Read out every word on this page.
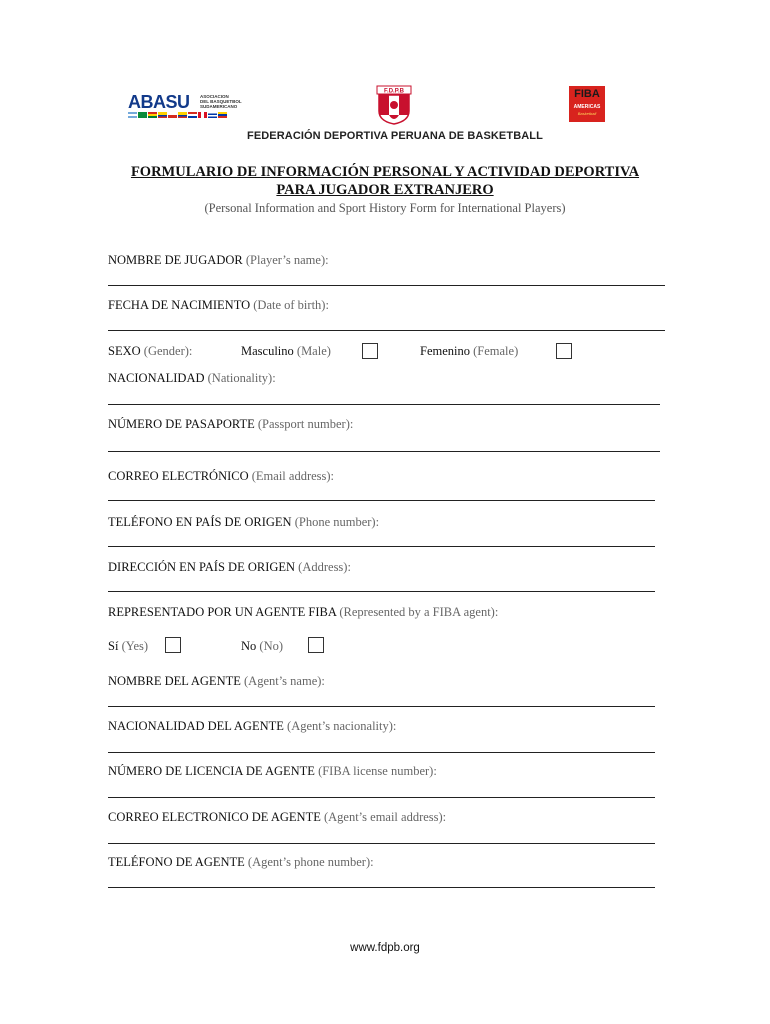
ABASU ASOCIACION
DEL BASQUETBOL
SUDAMERICANO
F.D.P.B	FIBA
AMERICAS
Basketball
FEDERACIÓN DEPORTIVA PERUANA DE BASKETBALL
FORMULARIO DE INFORMACIÓN PERSONAL Y ACTIVIDAD DEPORTIVA
PARA JUGADOR EXTRANJERO
(Personal Information and Sport History Form for International Players)
NOMBRE DE JUGADOR (Player’s name):
FECHA DE NACIMIENTO (Date of birth):
SEXO (Gender):	Masculino (Male)	Femenino (Female)
NACIONALIDAD (Nationality):
NÚMERO DE PASAPORTE (Passport number):
CORREO ELECTRÓNICO (Email address):
TELÉFONO EN PAÍS DE ORIGEN (Phone number):
DIRECCIÓN EN PAÍS DE ORIGEN (Address):
REPRESENTADO POR UN AGENTE FIBA (Represented by a FIBA agent):
Sí (Yes)	No (No)
NOMBRE DEL AGENTE (Agent’s name):
NACIONALIDAD DEL AGENTE (Agent’s nacionality):
NÚMERO DE LICENCIA DE AGENTE (FIBA license number):
CORREO ELECTRONICO DE AGENTE (Agent’s email address):
TELÉFONO DE AGENTE (Agent’s phone number):
www.fdpb.org
